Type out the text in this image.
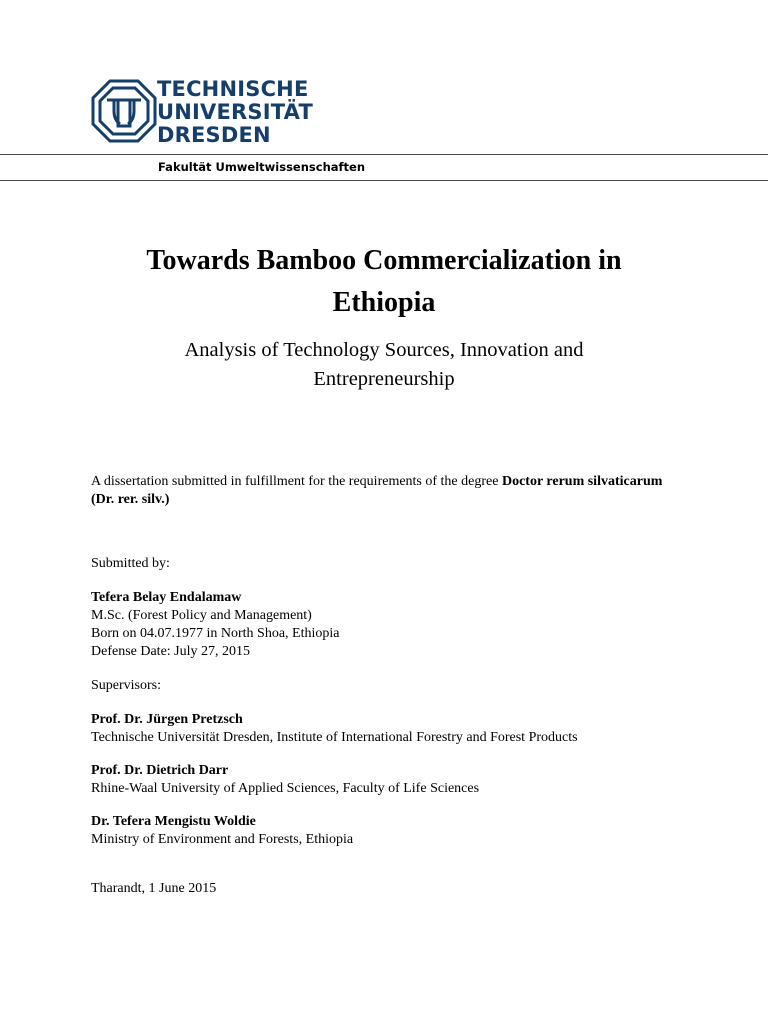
TECHNISCHE
UNIVERSITÄT
DRESDEN
Fakultät Umweltwissenschaften
Towards Bamboo Commercialization in
Ethiopia
Analysis of Technology Sources, Innovation and
Entrepreneurship
A dissertation submitted in fulfillment for the requirements of the degree Doctor rerum silvaticarum
(Dr. rer. silv.)
Submitted by:
Tefera Belay Endalamaw
M.Sc. (Forest Policy and Management)
Born on 04.07.1977 in North Shoa, Ethiopia
Defense Date: July 27, 2015
Supervisors:
Prof. Dr. Jürgen Pretzsch
Technische Universität Dresden, Institute of International Forestry and Forest Products
Prof. Dr. Dietrich Darr
Rhine-Waal University of Applied Sciences, Faculty of Life Sciences
Dr. Tefera Mengistu Woldie
Ministry of Environment and Forests, Ethiopia
Tharandt, 1 June 2015
